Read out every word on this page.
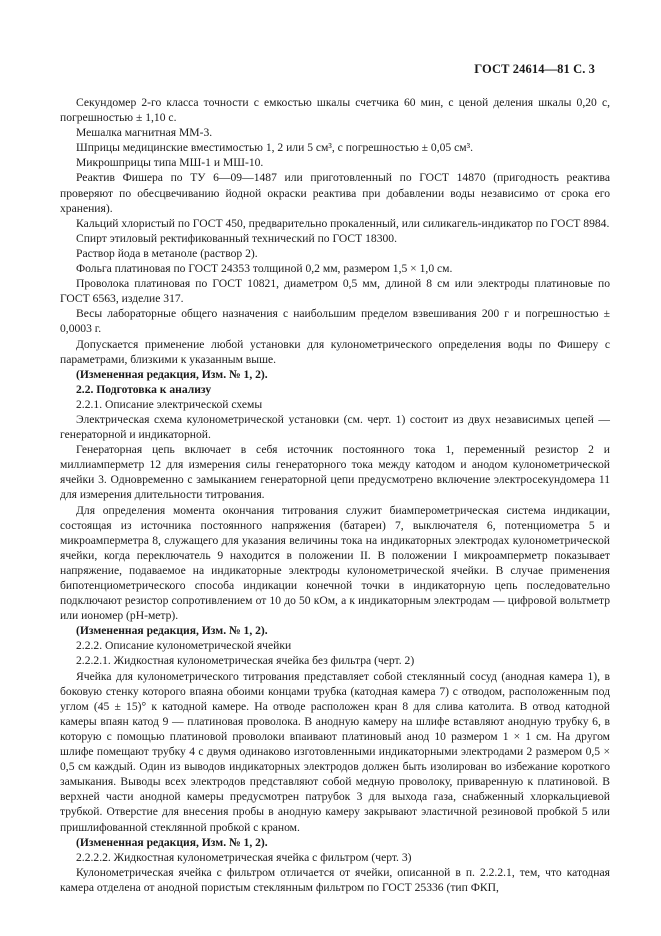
ГОСТ 24614—81 С. 3

Секундомер 2-го класса точности с емкостью шкалы счетчика 60 мин, с ценой деления шкалы 0,20 с, погрешностью ± 1,10 с.

Мешалка магнитная ММ-3.

Шприцы медицинские вместимостью 1, 2 или 5 см³, с погрешностью ± 0,05 см³.

Микрошприцы типа МШ-1 и МШ-10.

Реактив Фишера по ТУ 6—09—1487 или приготовленный по ГОСТ 14870 (пригодность реактива проверяют по обесцвечиванию йодной окраски реактива при добавлении воды независимо от срока его хранения).

Кальций хлористый по ГОСТ 450, предварительно прокаленный, или силикагель-индикатор по ГОСТ 8984.

Спирт этиловый ректификованный технический по ГОСТ 18300.

Раствор йода в метаноле (раствор 2).

Фольга платиновая по ГОСТ 24353 толщиной 0,2 мм, размером 1,5 × 1,0 см.

Проволока платиновая по ГОСТ 10821, диаметром 0,5 мм, длиной 8 см или электроды платиновые по ГОСТ 6563, изделие 317.

Весы лабораторные общего назначения с наибольшим пределом взвешивания 200 г и погрешностью ± 0,0003 г.

Допускается применение любой установки для кулонометрического определения воды по Фишеру с параметрами, близкими к указанным выше.

(Измененная редакция, Изм. № 1, 2).

2.2. Подготовка к анализу

2.2.1. Описание электрической схемы

Электрическая схема кулонометрической установки (см. черт. 1) состоит из двух независимых цепей — генераторной и индикаторной.

Генераторная цепь включает в себя источник постоянного тока 1, переменный резистор 2 и миллиамперметр 12 для измерения силы генераторного тока между катодом и анодом кулонометрической ячейки 3. Одновременно с замыканием генераторной цепи предусмотрено включение электросекундомера 11 для измерения длительности титрования.

Для определения момента окончания титрования служит биамперометрическая система индикации, состоящая из источника постоянного напряжения (батареи) 7, выключателя 6, потенциометра 5 и микроамперметра 8, служащего для указания величины тока на индикаторных электродах кулонометрической ячейки, когда переключатель 9 находится в положении II. В положении I микроамперметр показывает напряжение, подаваемое на индикаторные электроды кулонометрической ячейки. В случае применения бипотенциометрического способа индикации конечной точки в индикаторную цепь последовательно подключают резистор сопротивлением от 10 до 50 кОм, а к индикаторным электродам — цифровой вольтметр или иономер (рН-метр).

(Измененная редакция, Изм. № 1, 2).

2.2.2. Описание кулонометрической ячейки

2.2.2.1. Жидкостная кулонометрическая ячейка без фильтра (черт. 2)

Ячейка для кулонометрического титрования представляет собой стеклянный сосуд (анодная камера 1), в боковую стенку которого впаяна обоими концами трубка (катодная камера 7) с отводом, расположенным под углом (45 ± 15)° к катодной камере. На отводе расположен кран 8 для слива католита. В отвод катодной камеры впаян катод 9 — платиновая проволока. В анодную камеру на шлифе вставляют анодную трубку 6, в которую с помощью платиновой проволоки впаивают платиновый анод 10 размером 1 × 1 см. На другом шлифе помещают трубку 4 с двумя одинаково изготовленными индикаторными электродами 2 размером 0,5 × 0,5 см каждый. Один из выводов индикаторных электродов должен быть изолирован во избежание короткого замыкания. Выводы всех электродов представляют собой медную проволоку, приваренную к платиновой. В верхней части анодной камеры предусмотрен патрубок 3 для выхода газа, снабженный хлоркальциевой трубкой. Отверстие для внесения пробы в анодную камеру закрывают эластичной резиновой пробкой 5 или пришлифованной стеклянной пробкой с краном.

(Измененная редакция, Изм. № 1, 2).

2.2.2.2. Жидкостная кулонометрическая ячейка с фильтром (черт. 3)

Кулонометрическая ячейка с фильтром отличается от ячейки, описанной в п. 2.2.2.1, тем, что катодная камера отделена от анодной пористым стеклянным фильтром по ГОСТ 25336 (тип ФКП,
